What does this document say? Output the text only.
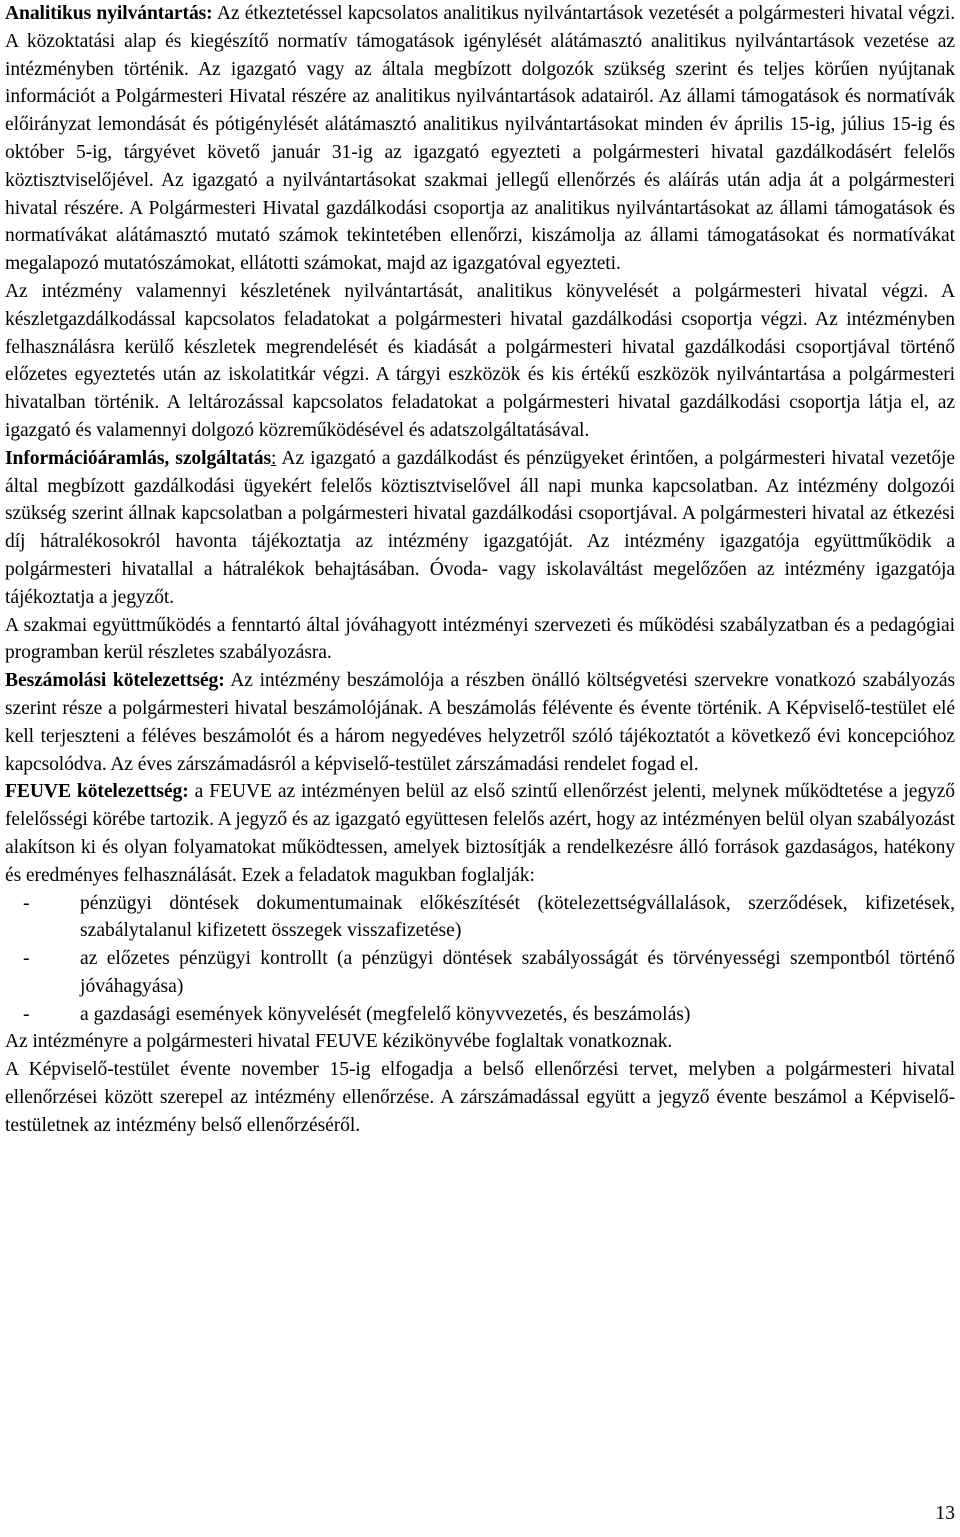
Analitikus nyilvántartás: Az étkeztetéssel kapcsolatos analitikus nyilvántartások vezetését a polgármesteri hivatal végzi. A közoktatási alap és kiegészítő normatív támogatások igénylését alátámasztó analitikus nyilvántartások vezetése az intézményben történik. Az igazgató vagy az általa megbízott dolgozók szükség szerint és teljes körűen nyújtanak információt a Polgármesteri Hivatal részére az analitikus nyilvántartások adatairól. Az állami támogatások és normatívák előirányzat lemondását és pótigénylését alátámasztó analitikus nyilvántartásokat minden év április 15-ig, július 15-ig és október 5-ig, tárgyévet követő január 31-ig az igazgató egyezteti a polgármesteri hivatal gazdálkodásért felelős köztisztviselőjével. Az igazgató a nyilvántartásokat szakmai jellegű ellenőrzés és aláírás után adja át a polgármesteri hivatal részére. A Polgármesteri Hivatal gazdálkodási csoportja az analitikus nyilvántartásokat az állami támogatások és normatívákat alátámasztó mutató számok tekintetében ellenőrzi, kiszámolja az állami támogatásokat és normatívákat megalapozó mutatószámokat, ellátotti számokat, majd az igazgatóval egyezteti.

Az intézmény valamennyi készletének nyilvántartását, analitikus könyvelését a polgármesteri hivatal végzi. A készletgazdálkodással kapcsolatos feladatokat a polgármesteri hivatal gazdálkodási csoportja végzi. Az intézményben felhasználásra kerülő készletek megrendelését és kiadását a polgármesteri hivatal gazdálkodási csoportjával történő előzetes egyeztetés után az iskolatitkár végzi. A tárgyi eszközök és kis értékű eszközök nyilvántartása a polgármesteri hivatalban történik. A leltározással kapcsolatos feladatokat a polgármesteri hivatal gazdálkodási csoportja látja el, az igazgató és valamennyi dolgozó közreműködésével és adatszolgáltatásával.

Információáramlás, szolgáltatás: Az igazgató a gazdálkodást és pénzügyeket érintően, a polgármesteri hivatal vezetője által megbízott gazdálkodási ügyekért felelős köztisztviselővel áll napi munka kapcsolatban. Az intézmény dolgozói szükség szerint állnak kapcsolatban a polgármesteri hivatal gazdálkodási csoportjával. A polgármesteri hivatal az étkezési díj hátralékosokról havonta tájékoztatja az intézmény igazgatóját. Az intézmény igazgatója együttműködik a polgármesteri hivatallal a hátralékok behajtásában. Óvoda- vagy iskolaváltást megelőzően az intézmény igazgatója tájékoztatja a jegyzőt.

A szakmai együttműködés a fenntartó által jóváhagyott intézményi szervezeti és működési szabályzatban és a pedagógiai programban kerül részletes szabályozásra.

Beszámolási kötelezettség: Az intézmény beszámolója a részben önálló költségvetési szervekre vonatkozó szabályozás szerint része a polgármesteri hivatal beszámolójának. A beszámolás félévente és évente történik. A Képviselő-testület elé kell terjeszteni a féléves beszámolót és a három negyedéves helyzetről szóló tájékoztatót a következő évi koncepcióhoz kapcsolódva. Az éves zárszámadásról a képviselő-testület zárszámadási rendelet fogad el.

FEUVE kötelezettség: a FEUVE az intézményen belül az első szintű ellenőrzést jelenti, melynek működtetése a jegyző felelősségi körébe tartozik. A jegyző és az igazgató együttesen felelős azért, hogy az intézményen belül olyan szabályozást alakítson ki és olyan folyamatokat működtessen, amelyek biztosítják a rendelkezésre álló források gazdaságos, hatékony és eredményes felhasználását. Ezek a feladatok magukban foglalják:

-	pénzügyi döntések dokumentumainak előkészítését (kötelezettségvállalások, szerződések, kifizetések, szabálytalanul kifizetett összegek visszafizetése)
-	az előzetes pénzügyi kontrollt (a pénzügyi döntések szabályosságát és törvényességi szempontból történő jóváhagyása)
-	a gazdasági események könyvelését (megfelelő könyvvezetés, és beszámolás)

Az intézményre a polgármesteri hivatal FEUVE kézikönyvébe foglaltak vonatkoznak.

A Képviselő-testület évente november 15-ig elfogadja a belső ellenőrzési tervet, melyben a polgármesteri hivatal ellenőrzései között szerepel az intézmény ellenőrzése. A zárszámadással együtt a jegyző évente beszámol a Képviselő-testületnek az intézmény belső ellenőrzéséről.

13
